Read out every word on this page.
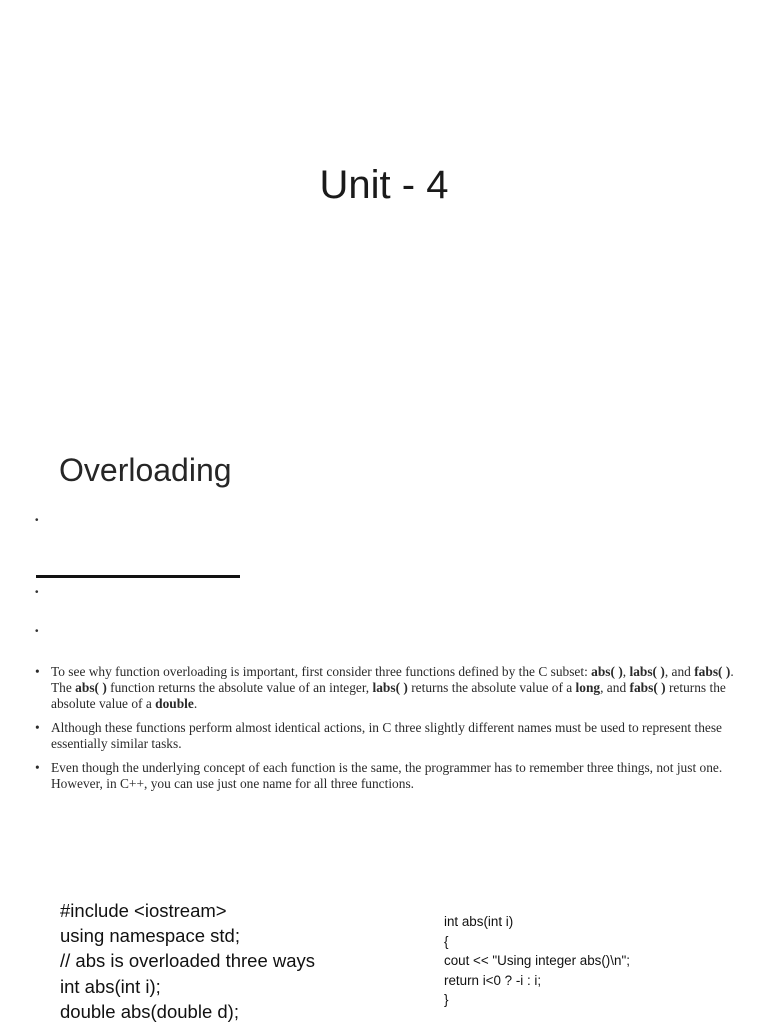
Unit - 4
Overloading
•
•
•
• To see why function overloading is important, first consider three functions defined by the C subset: abs( ), labs( ), and fabs( ). The abs( ) function returns the absolute value of an integer, labs( ) returns the absolute value of a long, and fabs( ) returns the absolute value of a double.
• Although these functions perform almost identical actions, in C three slightly different names must be used to represent these essentially similar tasks.
• Even though the underlying concept of each function is the same, the programmer has to remember three things, not just one. However, in C++, you can use just one name for all three functions.
#include <iostream>
using namespace std;
// abs is overloaded three ways
int abs(int i);
double abs(double d);
int abs(int i)
{
cout << "Using integer abs()\n";
return i<0 ? -i : i;
}
